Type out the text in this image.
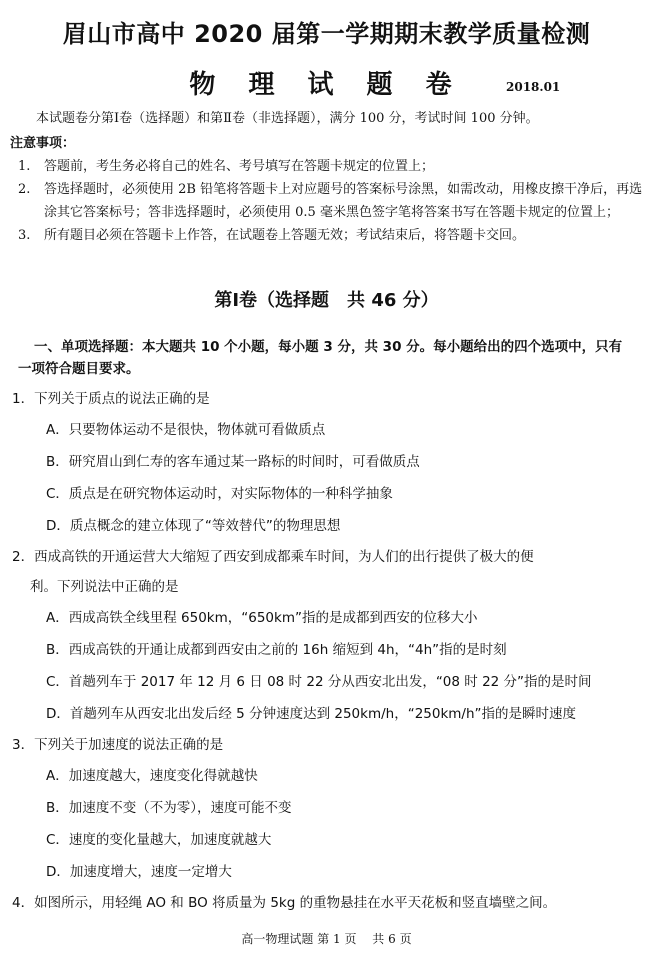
眉山市高中 2020 届第一学期期末教学质量检测
物 理 试 题 卷	2018.01
本试题卷分第Ⅰ卷（选择题）和第Ⅱ卷（非选择题），满分 100 分，考试时间 100 分钟。
注意事项：
1.	答题前，考生务必将自己的姓名、考号填写在答题卡规定的位置上；
2.	答选择题时，必须使用 2B 铅笔将答题卡上对应题号的答案标号涂黑，如需改动，用橡皮擦干净后，再选涂其它答案标号；答非选择题时，必须使用 0.5 毫米黑色签字笔将答案书写在答题卡规定的位置上；
3.	所有题目必须在答题卡上作答，在试题卷上答题无效；考试结束后，将答题卡交回。
第Ⅰ卷（选择题　共 46 分）
一、单项选择题：本大题共 10 个小题，每小题 3 分，共 30 分。每小题给出的四个选项中，只有一项符合题目要求。
1．下列关于质点的说法正确的是
A．只要物体运动不是很快，物体就可看做质点
B．研究眉山到仁寿的客车通过某一路标的时间时，可看做质点
C．质点是在研究物体运动时，对实际物体的一种科学抽象
D．质点概念的建立体现了“等效替代”的物理思想
2．西成高铁的开通运营大大缩短了西安到成都乘车时间，为人们的出行提供了极大的便
利。下列说法中正确的是
A．西成高铁全线里程 650km，“650km”指的是成都到西安的位移大小
B．西成高铁的开通让成都到西安由之前的 16h 缩短到 4h，“4h”指的是时刻
C．首趟列车于 2017 年 12 月 6 日 08 时 22 分从西安北出发，“08 时 22 分”指的是时间
D．首趟列车从西安北出发后经 5 分钟速度达到 250km/h，“250km/h”指的是瞬时速度
3．下列关于加速度的说法正确的是
A．加速度越大，速度变化得就越快
B．加速度不变（不为零），速度可能不变
C．速度的变化量越大，加速度就越大
D．加速度增大，速度一定增大
4．如图所示，用轻绳 AO 和 BO 将质量为 5kg 的重物悬挂在水平天花板和竖直墙壁之间。
高一物理试题 第 1 页　 共 6 页
